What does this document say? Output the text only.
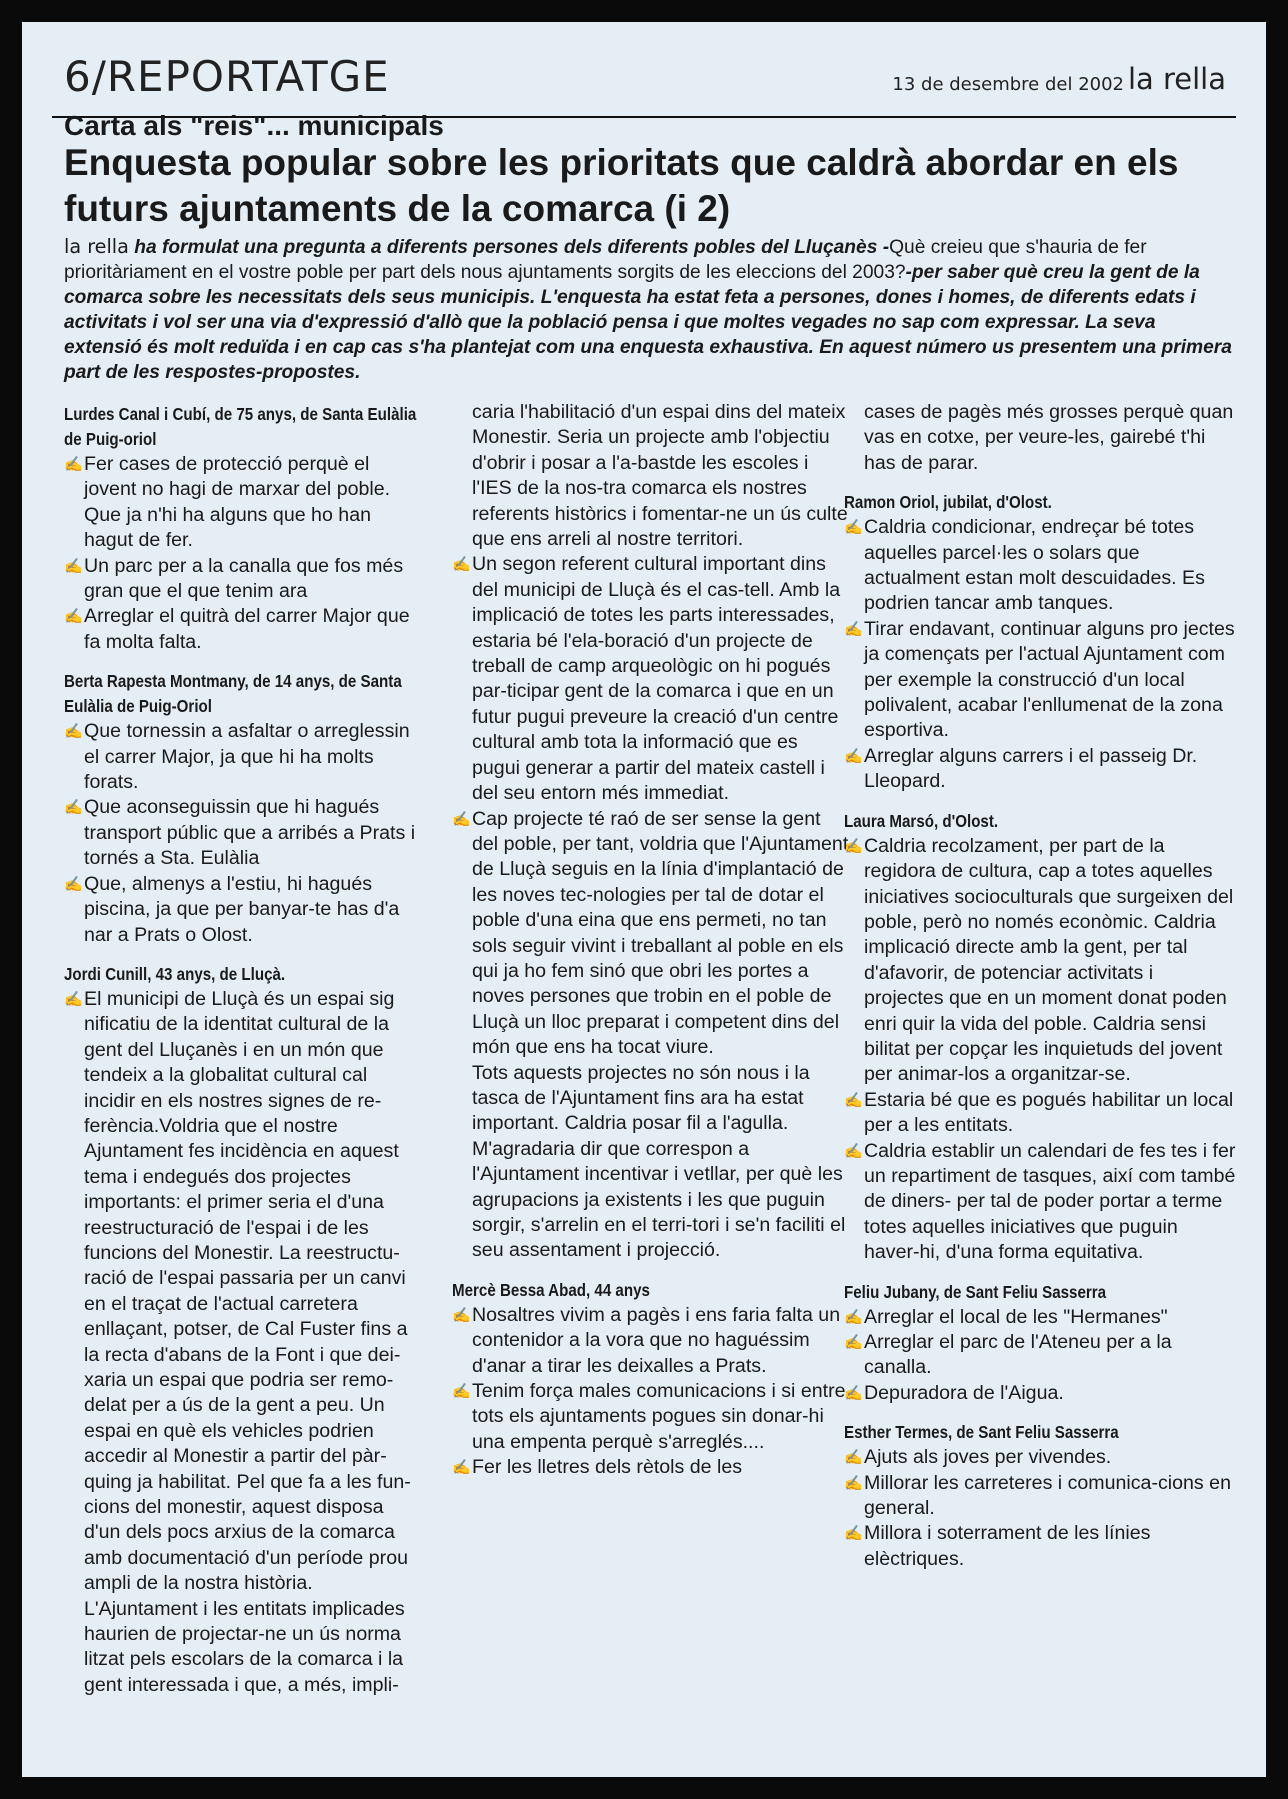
6/REPORTATGE	13 de desembre del 2002 la rella
Carta als "reis"... municipals
Enquesta popular sobre les prioritats que caldrà abordar en els futurs ajuntaments de la comarca (i 2)
la rella ha formulat una pregunta a diferents persones dels diferents pobles del Lluçanès -Què creieu que s'hauria de fer prioritàriament en el vostre poble per part dels nous ajuntaments sorgits de les eleccions del 2003?-per saber què creu la gent de la comarca sobre les necessitats dels seus municipis. L'enquesta ha estat feta a persones, dones i homes, de diferents edats i activitats i vol ser una via d'expressió d'allò que la població pensa i que moltes vegades no sap com expressar. La seva extensió és molt reduïda i en cap cas s'ha plantejat com una enquesta exhaustiva. En aquest número us presentem una primera part de les respostes-propostes.
Lurdes Canal i Cubí, de 75 anys, de Santa Eulàlia de Puig-oriol
✍ Fer cases de protecció perquè el jovent no hagi de marxar del poble. Que ja n'hi ha alguns que ho han hagut de fer.
✍ Un parc per a la canalla que fos més gran que el que tenim ara
✍ Arreglar el quitrà del carrer Major que fa molta falta.
Berta Rapesta Montmany, de 14 anys, de Santa Eulàlia de Puig-Oriol
✍ Que tornessin a asfaltar o arreglessin el carrer Major, ja que hi ha molts forats.
✍ Que aconseguissin que hi hagués transport públic que a arribés a Prats i tornés a Sta. Eulàlia
✍ Que, almenys a l'estiu, hi hagués piscina, ja que per banyar-te has d'a nar a Prats o Olost.
Jordi Cunill, 43 anys, de Lluçà.
✍ El municipi de Lluçà és un espai sig nificatiu de la identitat cultural de la gent del Lluçanès i en un món que tendeix a la globalitat cultural cal incidir en els nostres signes de re-ferència.Voldria que el nostre Ajuntament fes incidència en aquest tema i endegués dos projectes importants: el primer seria el d'una reestructuració de l'espai i de les funcions del Monestir. La reestructu-ració de l'espai passaria per un canvi en el traçat de l'actual carretera enllaçant, potser, de Cal Fuster fins a la recta d'abans de la Font i que dei-xaria un espai que podria ser remo-delat per a ús de la gent a peu. Un espai en què els vehicles podrien accedir al Monestir a partir del pàr-quing ja habilitat. Pel que fa a les fun-cions del monestir, aquest disposa d'un dels pocs arxius de la comarca amb documentació d'un període prou ampli de la nostra història. L'Ajuntament i les entitats implicades haurien de projectar-ne un ús norma litzat pels escolars de la comarca i la gent interessada i que, a més, impli-
caria l'habilitació d'un espai dins del mateix Monestir. Seria un projecte amb l'objectiu d'obrir i posar a l'a-bastde les escoles i l'IES de la nos-tra comarca els nostres referents històrics i fomentar-ne un ús culte que ens arreli al nostre territori.
✍ Un segon referent cultural important dins del municipi de Lluçà és el cas-tell. Amb la implicació de totes les parts interessades, estaria bé l'ela-boració d'un projecte de treball de camp arqueològic on hi pogués par-ticipar gent de la comarca i que en un futur pugui preveure la creació d'un centre cultural amb tota la informació que es pugui generar a partir del mateix castell i del seu entorn més immediat.
✍ Cap projecte té raó de ser sense la gent del poble, per tant, voldria que l'Ajuntament de Lluçà seguis en la línia d'implantació de les noves tec-nologies per tal de dotar el poble d'una eina que ens permeti, no tan sols seguir vivint i treballant al poble en els qui ja ho fem sinó que obri les portes a noves persones que trobin en el poble de Lluçà un lloc preparat i competent dins del món que ens ha tocat viure.
Tots aquests projectes no són nous i la tasca de l'Ajuntament fins ara ha estat important. Caldria posar fil a l'agulla.
M'agradaria dir que correspon a l'Ajuntament incentivar i vetllar, per què les agrupacions ja existents i les que puguin sorgir, s'arrelin en el terri-tori i se'n faciliti el seu assentament i projecció.
Mercè Bessa Abad, 44 anys
✍ Nosaltres vivim a pagès i ens faria falta un contenidor a la vora que no haguéssim d'anar a tirar les deixalles a Prats.
✍ Tenim força males comunicacions i si entre tots els ajuntaments pogues sin donar-hi una empenta perquè s'arreglés....
✍ Fer les lletres dels rètols de les
cases de pagès més grosses perquè quan vas en cotxe, per veure-les, gairebé t'hi has de parar.
Ramon Oriol, jubilat, d'Olost.
✍ Caldria condicionar, endreçar bé totes aquelles parcel·les o solars que actualment estan molt descuidades. Es podrien tancar amb tanques.
✍ Tirar endavant, continuar alguns pro jectes ja començats per l'actual Ajuntament com per exemple la construcció d'un local polivalent, acabar l'enllumenat de la zona esportiva.
✍ Arreglar alguns carrers i el passeig Dr. Lleopard.
Laura Marsó, d'Olost.
✍ Caldria recolzament, per part de la regidora de cultura, cap a totes aquelles iniciatives socioculturals que surgeixen del poble, però no només econòmic. Caldria implicació directe amb la gent, per tal d'afavorir, de potenciar activitats i projectes que en un moment donat poden enri quir la vida del poble. Caldria sensi bilitat per copçar les inquietuds del jovent per animar-los a organitzar-se.
✍ Estaria bé que es pogués habilitar un local per a les entitats.
✍ Caldria establir un calendari de fes tes i fer un repartiment de tasques, així com també de diners- per tal de poder portar a terme totes aquelles iniciatives que puguin haver-hi, d'una forma equitativa.
Feliu Jubany, de Sant Feliu Sasserra
✍ Arreglar el local de les "Hermanes"
✍ Arreglar el parc de l'Ateneu per a la canalla.
✍ Depuradora de l'Aigua.
Esther Termes, de Sant Feliu Sasserra
✍ Ajuts als joves per vivendes.
✍ Millorar les carreteres i comunica-cions en general.
✍ Millora i soterrament de les línies elèctriques.
